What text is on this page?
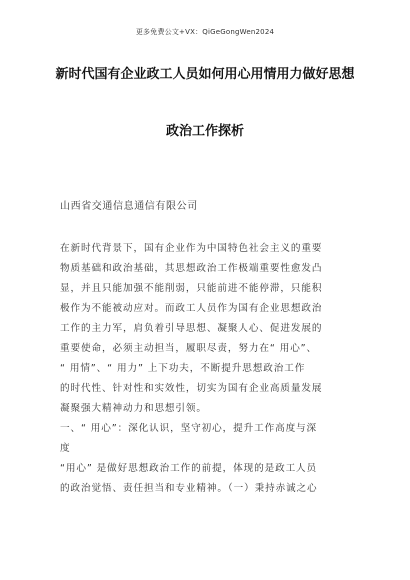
更多免费公文+VX：QiGeGongWen2024
新时代国有企业政工人员如何用心用情用力做好思想
政治工作探析
山西省交通信息通信有限公司
在新时代背景下，国有企业作为中国特色社会主义的重要
物质基础和政治基础，其思想政治工作极端重要性愈发凸
显，并且只能加强不能削弱，只能前进不能停滞，只能积
极作为不能被动应对。而政工人员作为国有企业思想政治
工作的主力军，肩负着引导思想、凝聚人心、促进发展的
重要使命，必须主动担当，履职尽责，努力在“ 用心”、
“ 用情”、“ 用力” 上下功夫，不断提升思想政治工作
的时代性、针对性和实效性，切实为国有企业高质量发展
凝聚强大精神动力和思想引领。
一、“ 用心”：深化认识，坚守初心，提升工作高度与深
度
“用心” 是做好思想政治工作的前提，体现的是政工人员
的政治觉悟、责任担当和专业精神。（一）秉持赤诚之心
